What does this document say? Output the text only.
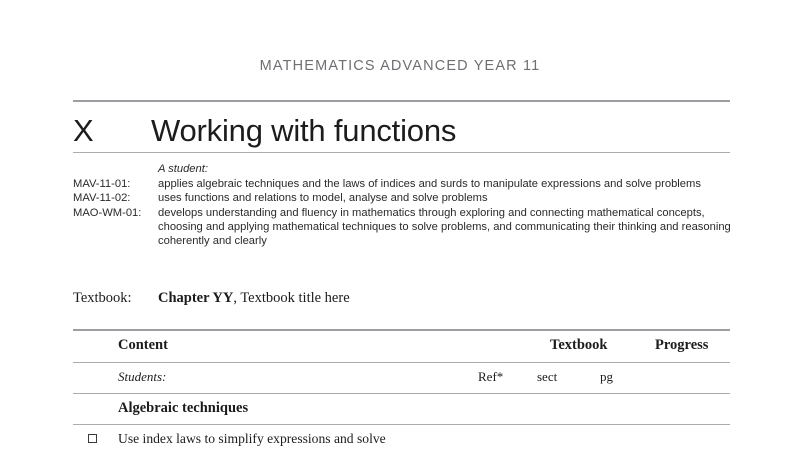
MATHEMATICS ADVANCED YEAR 11
X	Working with functions
A student:
MAV-11-01:	applies algebraic techniques and the laws of indices and surds to manipulate expressions and solve problems
MAV-11-02:	uses functions and relations to model, analyse and solve problems
MAO-WM-01:	develops understanding and fluency in mathematics through exploring and connecting mathematical concepts, choosing and applying mathematical techniques to solve problems, and communicating their thinking and reasoning coherently and clearly
Textbook:	Chapter YY, Textbook title here
Content	Textbook	Progress
Students:	Ref*	sect	pg
Algebraic techniques
Use index laws to simplify expressions and solve
